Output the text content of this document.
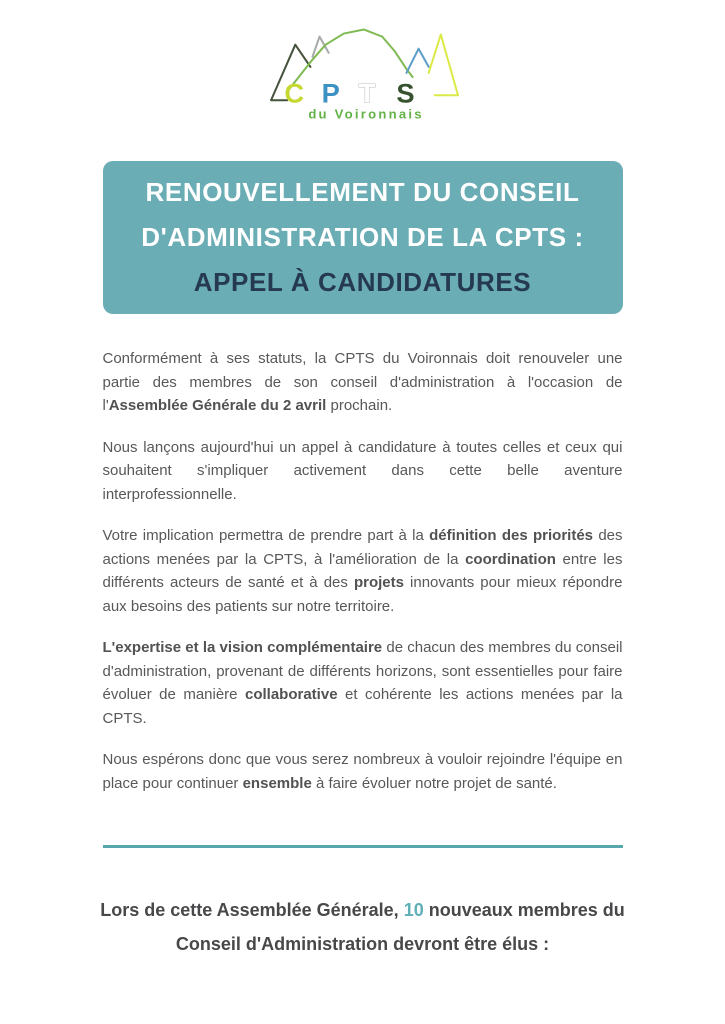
C P T S
du Voironnais
RENOUVELLEMENT DU CONSEIL
D'ADMINISTRATION DE LA CPTS :
APPEL À CANDIDATURES

Conformément à ses statuts, la CPTS du Voironnais doit renouveler une partie des membres de son conseil d'administration à l'occasion de l'Assemblée Générale du 2 avril prochain.

Nous lançons aujourd'hui un appel à candidature à toutes celles et ceux qui souhaitent s'impliquer activement dans cette belle aventure interprofessionnelle.

Votre implication permettra de prendre part à la définition des priorités des actions menées par la CPTS, à l'amélioration de la coordination entre les différents acteurs de santé et à des projets innovants pour mieux répondre aux besoins des patients sur notre territoire.

L'expertise et la vision complémentaire de chacun des membres du conseil d'administration, provenant de différents horizons, sont essentielles pour faire évoluer de manière collaborative et cohérente les actions menées par la CPTS.

Nous espérons donc que vous serez nombreux à vouloir rejoindre l'équipe en place pour continuer ensemble à faire évoluer notre projet de santé.

Lors de cette Assemblée Générale, 10 nouveaux membres du Conseil d'Administration devront être élus :
